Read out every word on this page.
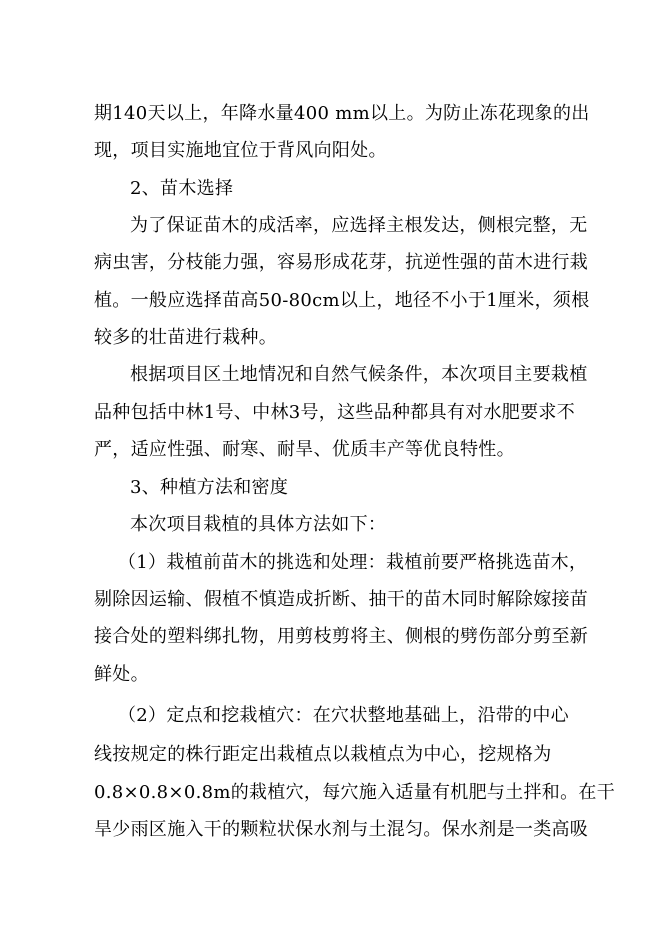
期140天以上，年降水量400 mm以上。为防止冻花现象的出
现，项目实施地宜位于背风向阳处。
2、苗木选择
为了保证苗木的成活率，应选择主根发达，侧根完整，无
病虫害，分枝能力强，容易形成花芽，抗逆性强的苗木进行栽
植。一般应选择苗高50-80cm以上，地径不小于1厘米，须根
较多的壮苗进行栽种。
根据项目区土地情况和自然气候条件，本次项目主要栽植
品种包括中林1号、中林3号，这些品种都具有对水肥要求不
严，适应性强、耐寒、耐旱、优质丰产等优良特性。
3、种植方法和密度
本次项目栽植的具体方法如下：
（1）栽植前苗木的挑选和处理：栽植前要严格挑选苗木，
剔除因运输、假植不慎造成折断、抽干的苗木同时解除嫁接苗
接合处的塑料绑扎物，用剪枝剪将主、侧根的劈伤部分剪至新
鲜处。
（2）定点和挖栽植穴：在穴状整地基础上，沿带的中心
线按规定的株行距定出栽植点以栽植点为中心，挖规格为
0.8×0.8×0.8m的栽植穴，每穴施入适量有机肥与土拌和。在干
旱少雨区施入干的颗粒状保水剂与土混匀。保水剂是一类高吸
